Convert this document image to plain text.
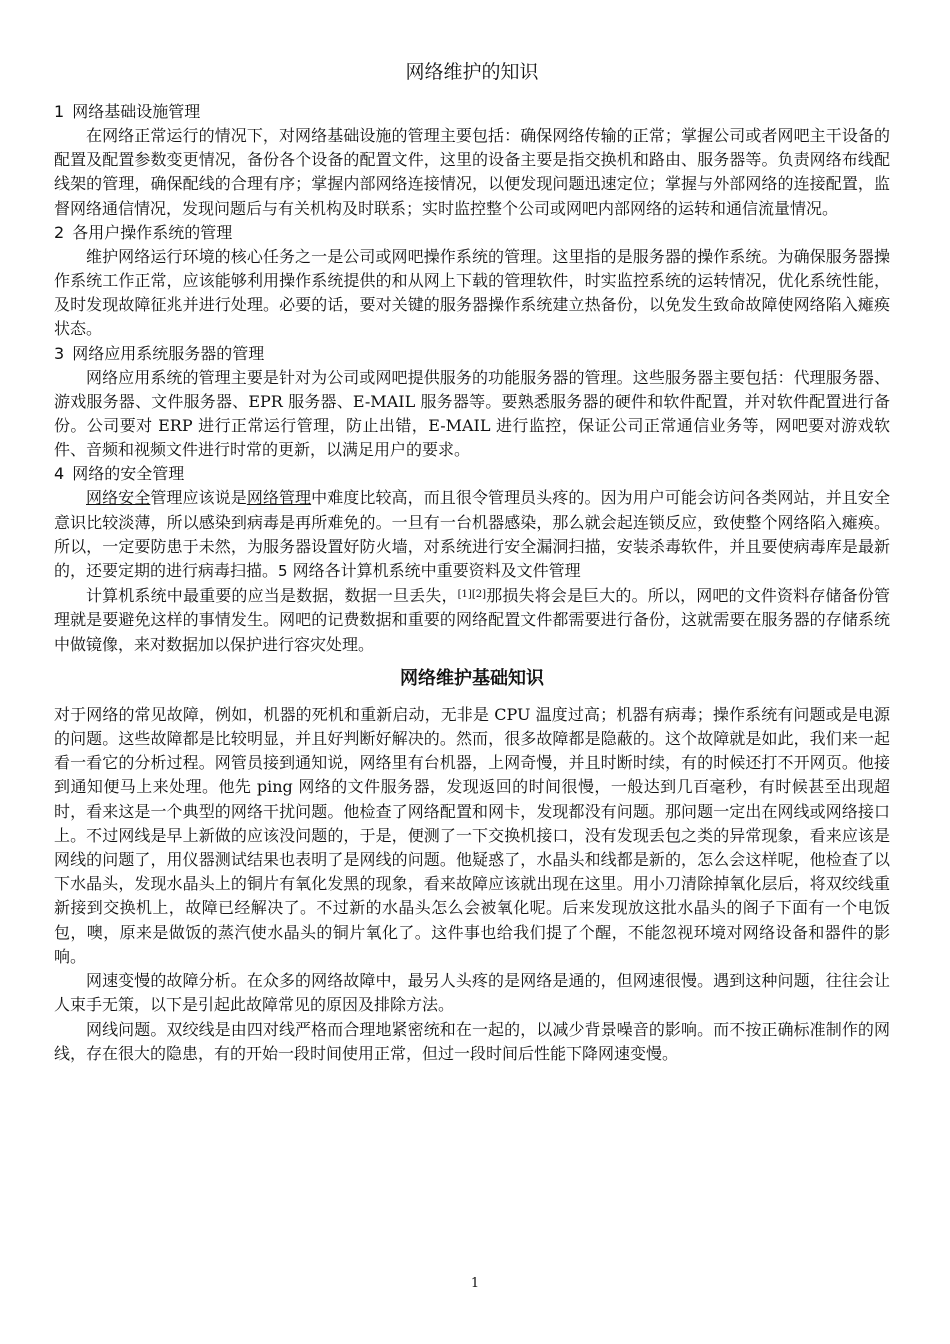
网络维护的知识
1 网络基础设施管理

在网络正常运行的情况下，对网络基础设施的管理主要包括：确保网络传输的正常；掌握公司或者网吧主干设备的配置及配置参数变更情况，备份各个设备的配置文件，这里的设备主要是指交换机和路由、服务器等。负责网络布线配线架的管理，确保配线的合理有序；掌握内部网络连接情况，以便发现问题迅速定位；掌握与外部网络的连接配置，监督网络通信情况，发现问题后与有关机构及时联系；实时监控整个公司或网吧内部网络的运转和通信流量情况。

2 各用户操作系统的管理

维护网络运行环境的核心任务之一是公司或网吧操作系统的管理。这里指的是服务器的操作系统。为确保服务器操作系统工作正常，应该能够利用操作系统提供的和从网上下载的管理软件，时实监控系统的运转情况，优化系统性能，及时发现故障征兆并进行处理。必要的话，要对关键的服务器操作系统建立热备份，以免发生致命故障使网络陷入瘫痪状态。

3 网络应用系统服务器的管理

网络应用系统的管理主要是针对为公司或网吧提供服务的功能服务器的管理。这些服务器主要包括：代理服务器、游戏服务器、文件服务器、EPR 服务器、E-MAIL 服务器等。要熟悉服务器的硬件和软件配置，并对软件配置进行备份。公司要对 ERP 进行正常运行管理，防止出错，E-MAIL 进行监控，保证公司正常通信业务等，网吧要对游戏软件、音频和视频文件进行时常的更新，以满足用户的要求。

4 网络的安全管理

网络安全管理应该说是网络管理中难度比较高，而且很令管理员头疼的。因为用户可能会访问各类网站，并且安全意识比较淡薄，所以感染到病毒是再所难免的。一旦有一台机器感染，那么就会起连锁反应，致使整个网络陷入瘫痪。所以，一定要防患于未然，为服务器设置好防火墙，对系统进行安全漏洞扫描，安装杀毒软件，并且要使病毒库是最新的，还要定期的进行病毒扫描。5 网络各计算机系统中重要资料及文件管理

计算机系统中最重要的应当是数据，数据一旦丢失，[1][2]那损失将会是巨大的。所以，网吧的文件资料存储备份管理就是要避免这样的事情发生。网吧的记费数据和重要的网络配置文件都需要进行备份，这就需要在服务器的存储系统中做镜像，来对数据加以保护进行容灾处理。

网络维护基础知识

对于网络的常见故障，例如，机器的死机和重新启动，无非是 CPU 温度过高；机器有病毒；操作系统有问题或是电源的问题。这些故障都是比较明显，并且好判断好解决的。然而，很多故障都是隐蔽的。这个故障就是如此，我们来一起看一看它的分析过程。网管员接到通知说，网络里有台机器，上网奇慢，并且时断时续，有的时候还打不开网页。他接到通知便马上来处理。他先 ping 网络的文件服务器，发现返回的时间很慢，一般达到几百毫秒，有时候甚至出现超时，看来这是一个典型的网络干扰问题。他检查了网络配置和网卡，发现都没有问题。那问题一定出在网线或网络接口上。不过网线是早上新做的应该没问题的，于是，便测了一下交换机接口，没有发现丢包之类的异常现象，看来应该是网线的问题了，用仪器测试结果也表明了是网线的问题。他疑惑了，水晶头和线都是新的，怎么会这样呢，他检查了以下水晶头，发现水晶头上的铜片有氧化发黑的现象，看来故障应该就出现在这里。用小刀清除掉氧化层后，将双绞线重新接到交换机上，故障已经解决了。不过新的水晶头怎么会被氧化呢。后来发现放这批水晶头的阁子下面有一个电饭包，噢，原来是做饭的蒸汽使水晶头的铜片氧化了。这件事也给我们提了个醒，不能忽视环境对网络设备和器件的影响。

网速变慢的故障分析。在众多的网络故障中，最另人头疼的是网络是通的，但网速很慢。遇到这种问题，往往会让人束手无策，以下是引起此故障常见的原因及排除方法。

网线问题。双绞线是由四对线严格而合理地紧密统和在一起的，以减少背景噪音的影响。而不按正确标准制作的网线，存在很大的隐患，有的开始一段时间使用正常，但过一段时间后性能下降网速变慢。

1
